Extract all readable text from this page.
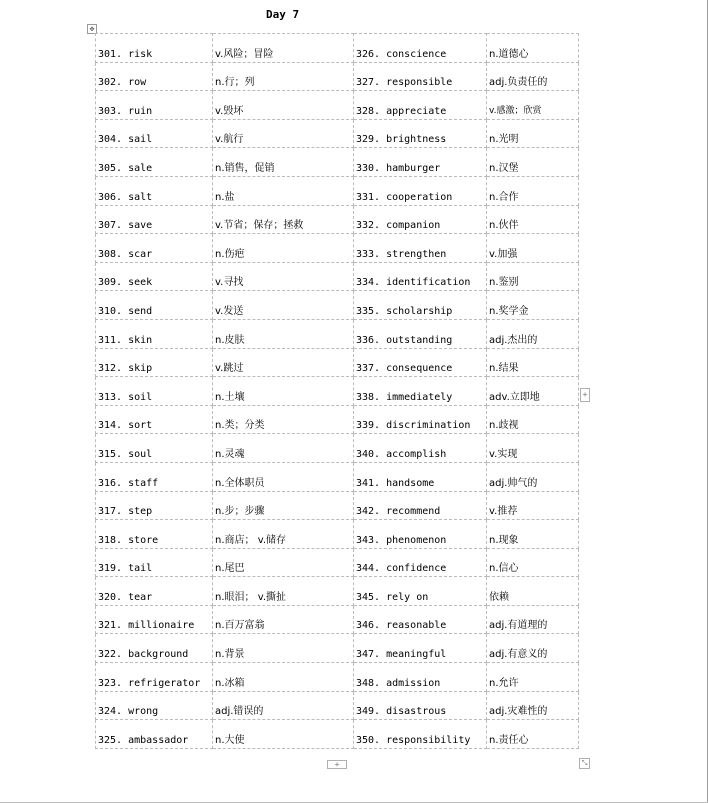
Day 7
✥
301. risk	v.风险；冒险	326. conscience	n.道德心
302. row	n.行；列	327. responsible	adj.负责任的
303. ruin	v.毁坏	328. appreciate	v.感激；欣赏
304. sail	v.航行	329. brightness	n.光明
305. sale	n.销售，促销	330. hamburger	n.汉堡
306. salt	n.盐	331. cooperation	n.合作
307. save	v.节省；保存；拯救	332. companion	n.伙伴
308. scar	n.伤疤	333. strengthen	v.加强
309. seek	v.寻找	334. identification	n.鉴别
310. send	v.发送	335. scholarship	n.奖学金
311. skin	n.皮肤	336. outstanding	adj.杰出的
312. skip	v.跳过	337. consequence	n.结果
313. soil	n.土壤	338. immediately	adv.立即地
314. sort	n.类；分类	339. discrimination	n.歧视
315. soul	n.灵魂	340. accomplish	v.实现
316. staff	n.全体职员	341. handsome	adj.帅气的
317. step	n.步；步骤	342. recommend	v.推荐
318. store	n.商店； v.储存	343. phenomenon	n.现象
319. tail	n.尾巴	344. confidence	n.信心
320. tear	n.眼泪； v.撕扯	345. rely on	依赖
321. millionaire	n.百万富翁	346. reasonable	adj.有道理的
322. background	n.背景	347. meaningful	adj.有意义的
323. refrigerator	n.冰箱	348. admission	n.允许
324. wrong	adj.错误的	349. disastrous	adj.灾难性的
325. ambassador	n.大使	350. responsibility	n.责任心
+
+	⤡
